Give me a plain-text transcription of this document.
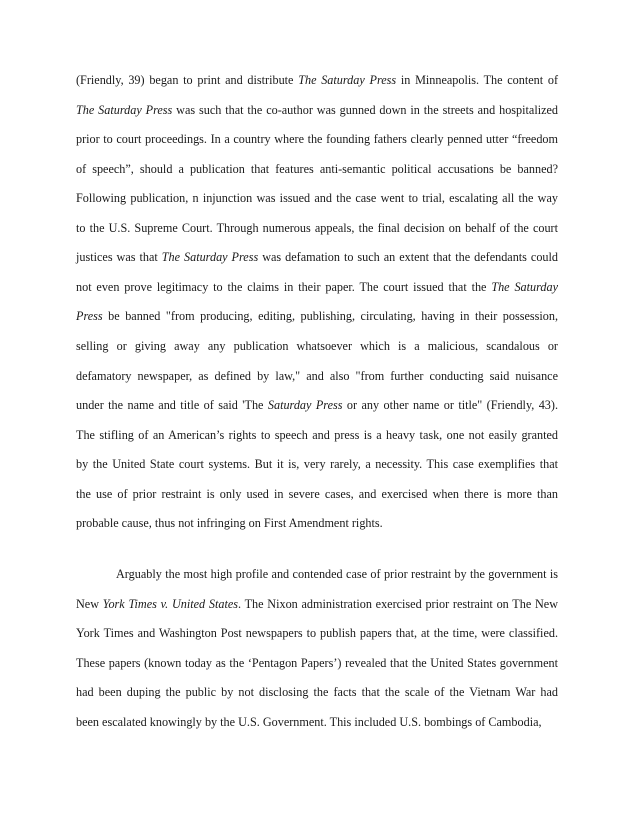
(Friendly, 39) began to print and distribute The Saturday Press in Minneapolis. The content of
The Saturday Press was such that the co-author was gunned down in the streets and hospitalized
prior to court proceedings. In a country where the founding fathers clearly penned utter “freedom
of speech”, should a publication that features anti-semantic political accusations be banned?
Following publication, n injunction was issued and the case went to trial, escalating all the way
to the U.S. Supreme Court. Through numerous appeals, the final decision on behalf of the court
justices was that The Saturday Press was defamation to such an extent that the defendants could
not even prove legitimacy to the claims in their paper. The court issued that the The Saturday
Press be banned "from producing, editing, publishing, circulating, having in their possession,
selling or giving away any publication whatsoever which is a malicious, scandalous or
defamatory newspaper, as defined by law," and also "from further conducting said nuisance
under the name and title of said 'The Saturday Press or any other name or title" (Friendly, 43).
The stifling of an American’s rights to speech and press is a heavy task, one not easily granted
by the United State court systems. But it is, very rarely, a necessity. This case exemplifies that
the use of prior restraint is only used in severe cases, and exercised when there is more than
probable cause, thus not infringing on First Amendment rights.
Arguably the most high profile and contended case of prior restraint by the government is
New York Times v. United States. The Nixon administration exercised prior restraint on The New
York Times and Washington Post newspapers to publish papers that, at the time, were classified.
These papers (known today as the ‘Pentagon Papers’) revealed that the United States government
had been duping the public by not disclosing the facts that the scale of the Vietnam War had
been escalated knowingly by the U.S. Government. This included U.S. bombings of Cambodia,
